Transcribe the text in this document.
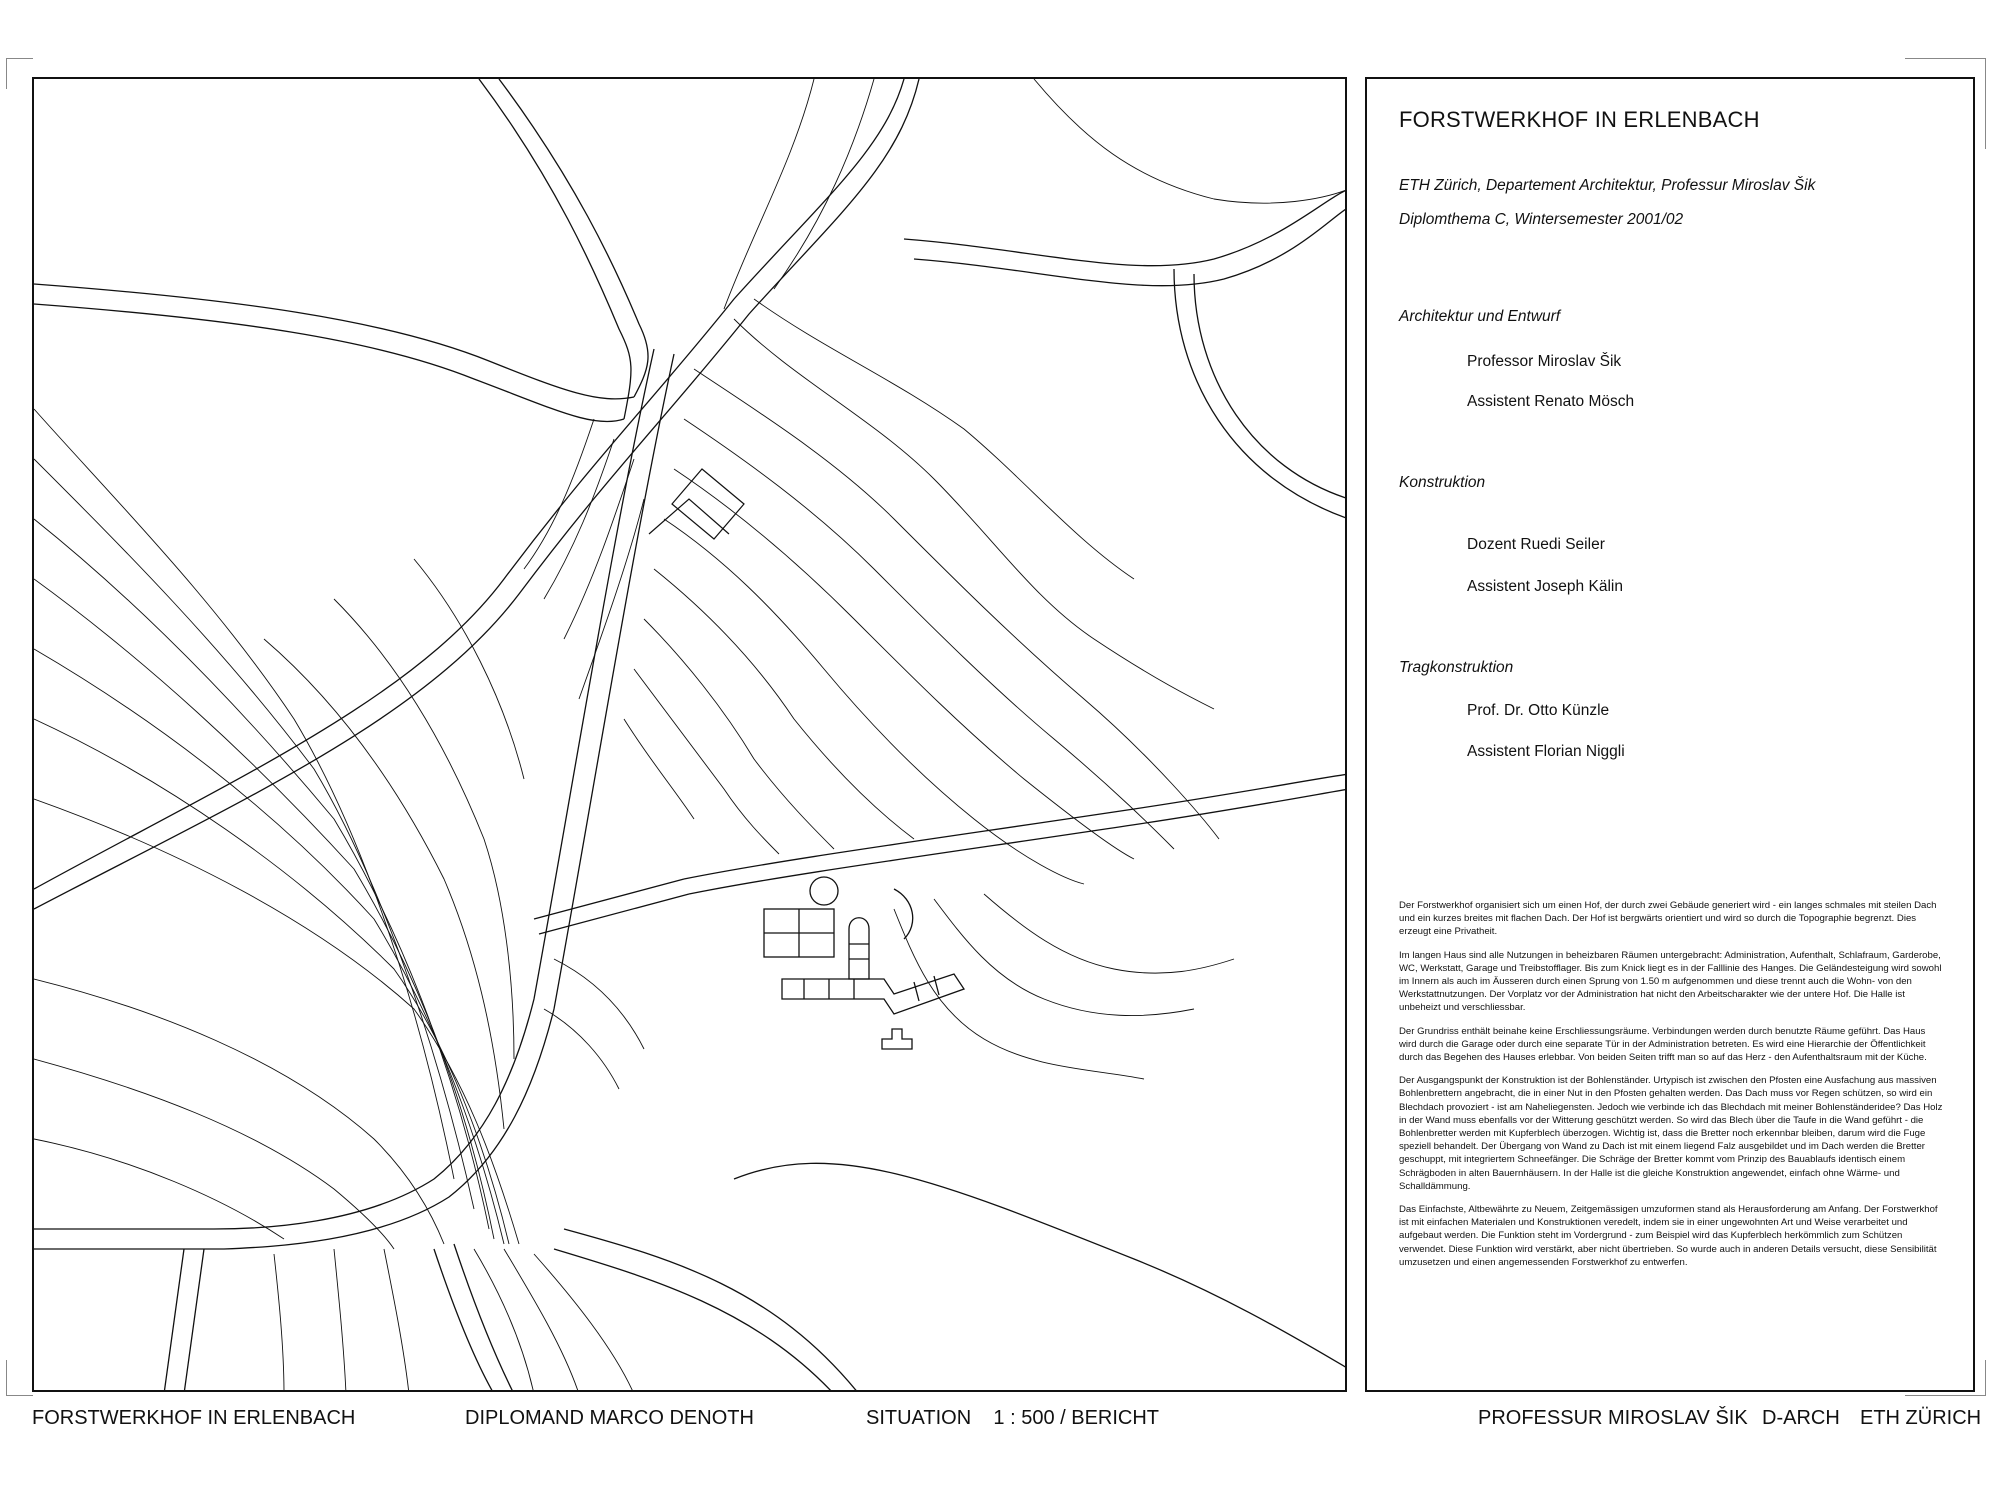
FORSTWERKHOF IN ERLENBACH
ETH Zürich, Departement Architektur, Professur Miroslav Šik
Diplomthema C, Wintersemester 2001/02
Architektur und Entwurf
Professor Miroslav Šik
Assistent Renato Mösch
Konstruktion
Dozent Ruedi Seiler
Assistent Joseph Kälin
Tragkonstruktion
Prof. Dr. Otto Künzle
Assistent Florian Niggli

Der Forstwerkhof organisiert sich um einen Hof, der durch zwei Gebäude generiert wird - ein langes schmales mit steilen Dach und ein kurzes breites mit flachen Dach. Der Hof ist bergwärts orientiert und wird so durch die Topographie begrenzt. Dies erzeugt eine Privatheit.

Im langen Haus sind alle Nutzungen in beheizbaren Räumen untergebracht: Administration, Aufenthalt, Schlafraum, Garderobe, WC, Werkstatt, Garage und Treibstofflager. Bis zum Knick liegt es in der Falllinie des Hanges. Die Geländesteigung wird sowohl im Innern als auch im Äusseren durch einen Sprung von 1.50 m aufgenommen und diese trennt auch die Wohn- von den Werkstattnutzungen. Der Vorplatz vor der Administration hat nicht den Arbeitscharakter wie der untere Hof. Die Halle ist unbeheizt und verschliessbar.

Der Grundriss enthält beinahe keine Erschliessungsräume. Verbindungen werden durch benutzte Räume geführt. Das Haus wird durch die Garage oder durch eine separate Tür in der Administration betreten. Es wird eine Hierarchie der Öffentlichkeit durch das Begehen des Hauses erlebbar. Von beiden Seiten trifft man so auf das Herz - den Aufenthaltsraum mit der Küche.

Der Ausgangspunkt der Konstruktion ist der Bohlenständer. Urtypisch ist zwischen den Pfosten eine Ausfachung aus massiven Bohlenbrettern angebracht, die in einer Nut in den Pfosten gehalten werden. Das Dach muss vor Regen schützen, so wird ein Blechdach provoziert - ist am Naheliegensten. Jedoch wie verbinde ich das Blechdach mit meiner Bohlenständeridee? Das Holz in der Wand muss ebenfalls vor der Witterung geschützt werden. So wird das Blech über die Taufe in die Wand geführt - die Bohlenbretter werden mit Kupferblech überzogen. Wichtig ist, dass die Bretter noch erkennbar bleiben, darum wird die Fuge speziell behandelt. Der Übergang von Wand zu Dach ist mit einem liegend Falz ausgebildet und im Dach werden die Bretter geschuppt, mit integriertem Schneefänger. Die Schräge der Bretter kommt vom Prinzip des Bauablaufs identisch einem Schrägboden in alten Bauernhäusern. In der Halle ist die gleiche Konstruktion angewendet, einfach ohne Wärme- und Schalldämmung.

Das Einfachste, Altbewährte zu Neuem, Zeitgemässigen umzuformen stand als Herausforderung am Anfang. Der Forstwerkhof ist mit einfachen Materialen und Konstruktionen veredelt, indem sie in einer ungewohnten Art und Weise verarbeitet und aufgebaut werden. Die Funktion steht im Vordergrund - zum Beispiel wird das Kupferblech herkömmlich zum Schützen verwendet. Diese Funktion wird verstärkt, aber nicht übertrieben. So wurde auch in anderen Details versucht, diese Sensibilität umzusetzen und einen angemessenden Forstwerkhof zu entwerfen.

FORSTWERKHOF IN ERLENBACH	DIPLOMAND MARCO DENOTH	SITUATION    1 : 500 / BERICHT	PROFESSUR MIROSLAV ŠIK D-ARCH ETH ZÜRICH
